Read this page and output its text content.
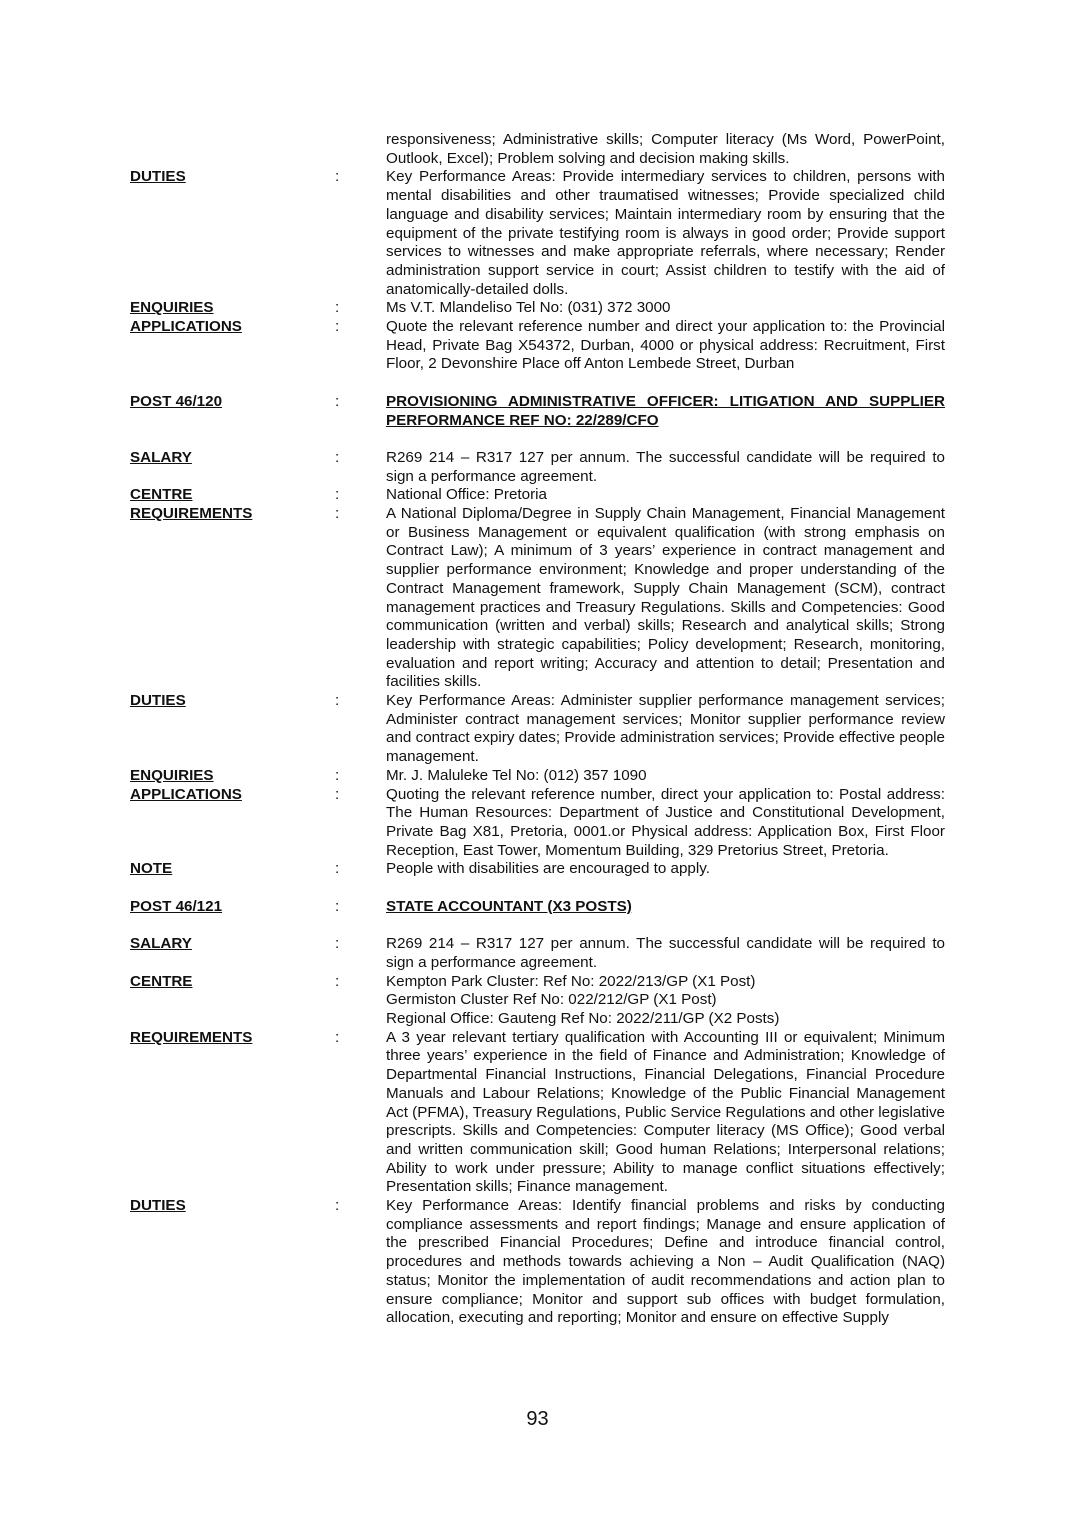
responsiveness; Administrative skills; Computer literacy (Ms Word, PowerPoint, Outlook, Excel); Problem solving and decision making skills.
DUTIES	:	Key Performance Areas: Provide intermediary services to children, persons with mental disabilities and other traumatised witnesses; Provide specialized child language and disability services; Maintain intermediary room by ensuring that the equipment of the private testifying room is always in good order; Provide support services to witnesses and make appropriate referrals, where necessary; Render administration support service in court; Assist children to testify with the aid of anatomically-detailed dolls.
ENQUIRIES	:	Ms V.T. Mlandeliso Tel No: (031) 372 3000
APPLICATIONS	:	Quote the relevant reference number and direct your application to: the Provincial Head, Private Bag X54372, Durban, 4000 or physical address: Recruitment, First Floor, 2 Devonshire Place off Anton Lembede Street, Durban
POST 46/120	:	PROVISIONING ADMINISTRATIVE OFFICER: LITIGATION AND SUPPLIER PERFORMANCE REF NO: 22/289/CFO
SALARY	:	R269 214 – R317 127 per annum. The successful candidate will be required to sign a performance agreement.
CENTRE	:	National Office: Pretoria
REQUIREMENTS	:	A National Diploma/Degree in Supply Chain Management, Financial Management or Business Management or equivalent qualification (with strong emphasis on Contract Law); A minimum of 3 years’ experience in contract management and supplier performance environment; Knowledge and proper understanding of the Contract Management framework, Supply Chain Management (SCM), contract management practices and Treasury Regulations. Skills and Competencies: Good communication (written and verbal) skills; Research and analytical skills; Strong leadership with strategic capabilities; Policy development; Research, monitoring, evaluation and report writing; Accuracy and attention to detail; Presentation and facilities skills.
DUTIES	:	Key Performance Areas: Administer supplier performance management services; Administer contract management services; Monitor supplier performance review and contract expiry dates; Provide administration services; Provide effective people management.
ENQUIRIES	:	Mr. J. Maluleke Tel No: (012) 357 1090
APPLICATIONS	:	Quoting the relevant reference number, direct your application to: Postal address: The Human Resources: Department of Justice and Constitutional Development, Private Bag X81, Pretoria, 0001.or Physical address: Application Box, First Floor Reception, East Tower, Momentum Building, 329 Pretorius Street, Pretoria.
NOTE	:	People with disabilities are encouraged to apply.
POST 46/121	:	STATE ACCOUNTANT (X3 POSTS)
SALARY	:	R269 214 – R317 127 per annum. The successful candidate will be required to sign a performance agreement.
CENTRE	:	Kempton Park Cluster: Ref No: 2022/213/GP (X1 Post)
Germiston Cluster Ref No: 022/212/GP (X1 Post)
Regional Office: Gauteng Ref No: 2022/211/GP (X2 Posts)
REQUIREMENTS	:	A 3 year relevant tertiary qualification with Accounting III or equivalent; Minimum three years’ experience in the field of Finance and Administration; Knowledge of Departmental Financial Instructions, Financial Delegations, Financial Procedure Manuals and Labour Relations; Knowledge of the Public Financial Management Act (PFMA), Treasury Regulations, Public Service Regulations and other legislative prescripts. Skills and Competencies: Computer literacy (MS Office); Good verbal and written communication skill; Good human Relations; Interpersonal relations; Ability to work under pressure; Ability to manage conflict situations effectively; Presentation skills; Finance management.
DUTIES	:	Key Performance Areas: Identify financial problems and risks by conducting compliance assessments and report findings; Manage and ensure application of the prescribed Financial Procedures; Define and introduce financial control, procedures and methods towards achieving a Non – Audit Qualification (NAQ) status; Monitor the implementation of audit recommendations and action plan to ensure compliance; Monitor and support sub offices with budget formulation, allocation, executing and reporting; Monitor and ensure on effective Supply
93
